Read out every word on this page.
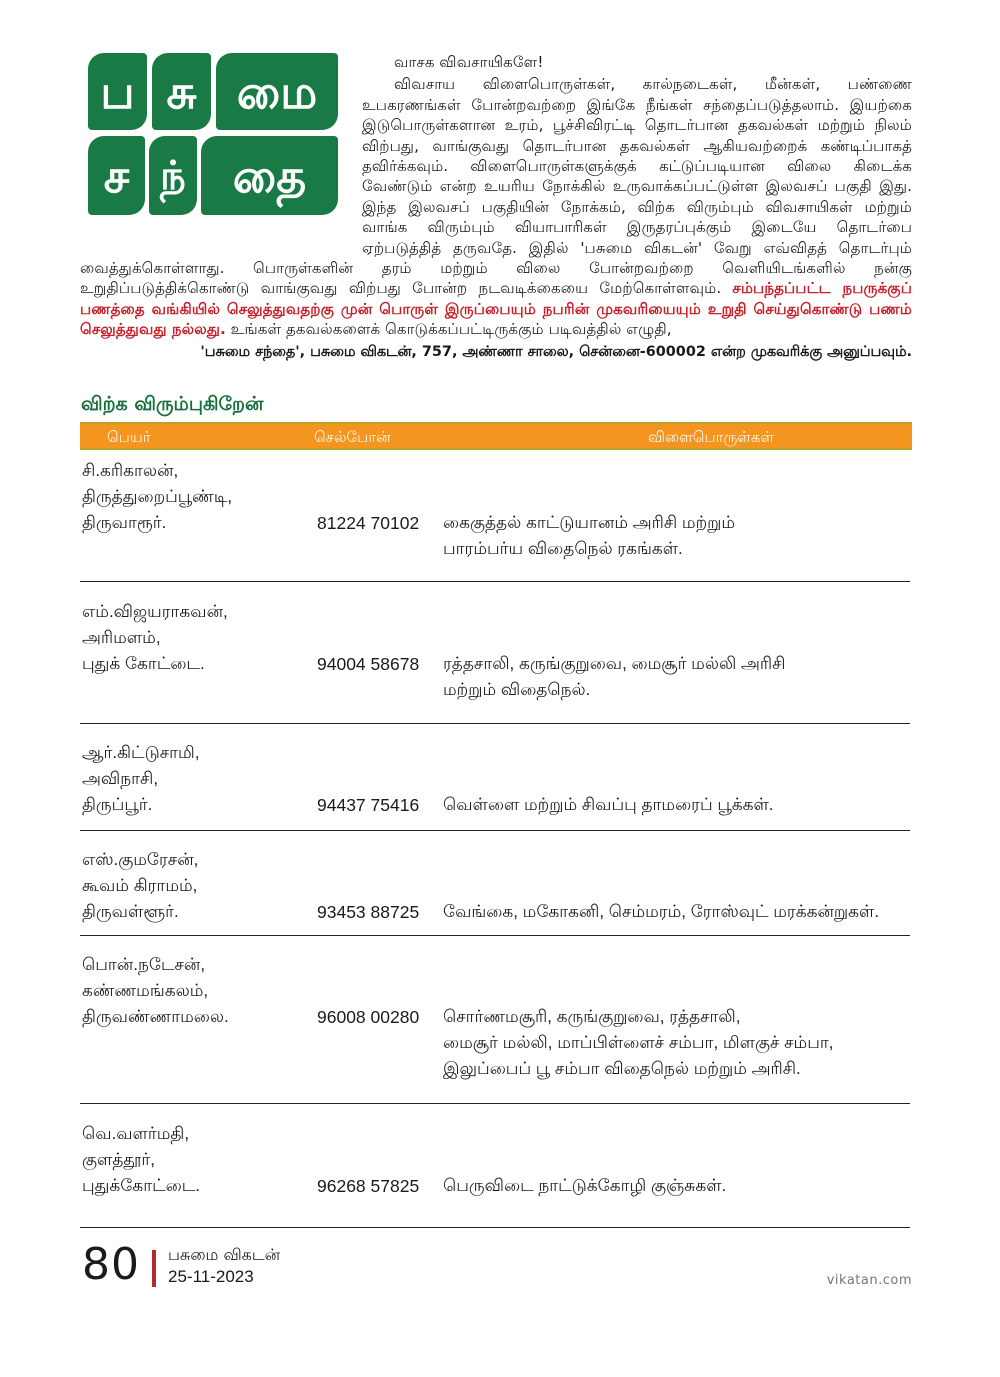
ப சு மை
ச ந்	தை

வாசக விவசாயிகளே!

விவசாய விளைபொருள்கள், கால்நடைகள், மீன்கள், பண்ணை உபகரணங்கள் போன்றவற்றை இங்கே நீங்கள் சந்தைப்படுத்தலாம். இயற்கை இடுபொருள்களான உரம், பூச்சிவிரட்டி தொடர்பான தகவல்கள் மற்றும் நிலம் விற்பது, வாங்குவது தொடர்பான தகவல்கள் ஆகியவற்றைக் கண்டிப்பாகத் தவிர்க்கவும். விளைபொருள்களுக்குக் கட்டுப்படியான விலை கிடைக்க வேண்டும் என்ற உயரிய நோக்கில் உருவாக்கப்பட்டுள்ள இலவசப் பகுதி இது. இந்த இலவசப் பகுதியின் நோக்கம், விற்க விரும்பும் விவசாயிகள் மற்றும் வாங்க விரும்பும் வியாபாரிகள் இருதரப்புக்கும் இடையே தொடர்பை ஏற்படுத்தித் தருவதே. இதில் 'பசுமை விகடன்' வேறு எவ்விதத் தொடர்பும் வைத்துக்கொள்ளாது. பொருள்களின் தரம் மற்றும் விலை போன்றவற்றை வெளியிடங்களில் நன்கு உறுதிப்படுத்திக்கொண்டு வாங்குவது விற்பது போன்ற நடவடிக்கையை மேற்கொள்ளவும். சம்பந்தப்பட்ட நபருக்குப் பணத்தை வங்கியில் செலுத்துவதற்கு முன் பொருள் இருப்பையும் நபரின் முகவரியையும் உறுதி செய்துகொண்டு பணம் செலுத்துவது நல்லது. உங்கள் தகவல்களைக் கொடுக்கப்பட்டிருக்கும் படிவத்தில் எழுதி,

'பசுமை சந்தை', பசுமை விகடன், 757, அண்ணா சாலை, சென்னை-600002 என்ற முகவரிக்கு அனுப்பவும்.
விற்க விரும்புகிறேன்
பெயர்	செல்போன்	விளைபொருள்கள்
சி.கரிகாலன்,
திருத்துறைப்பூண்டி,
திருவாரூர்.	81224 70102	கைகுத்தல் காட்டுயானம் அரிசி மற்றும்
பாரம்பர்ய விதைநெல் ரகங்கள்.
எம்.விஜயராகவன்,
அரிமளம்,
புதுக் கோட்டை.	94004 58678	ரத்தசாலி, கருங்குறுவை, மைசூர் மல்லி அரிசி
மற்றும் விதைநெல்.
ஆர்.கிட்டுசாமி,
அவிநாசி,
திருப்பூர்.	94437 75416	வெள்ளை மற்றும் சிவப்பு தாமரைப் பூக்கள்.
எஸ்.குமரேசன்,
கூவம் கிராமம்,
திருவள்ளூர்.	93453 88725	வேங்கை, மகோகனி, செம்மரம், ரோஸ்வுட் மரக்கன்றுகள்.
பொன்.நடேசன்,
கண்ணமங்கலம்,
திருவண்ணாமலை.	96008 00280	சொர்ணமசூரி, கருங்குறுவை, ரத்தசாலி,
மைசூர் மல்லி, மாப்பிள்ளைச் சம்பா, மிளகுச் சம்பா,
இலுப்பைப் பூ சம்பா விதைநெல் மற்றும் அரிசி.
வெ.வளர்மதி,
குளத்தூர்,
புதுக்கோட்டை.	96268 57825	பெருவிடை நாட்டுக்கோழி குஞ்சுகள்.
80 பசுமை விகடன்
25-11-2023	vikatan.com
